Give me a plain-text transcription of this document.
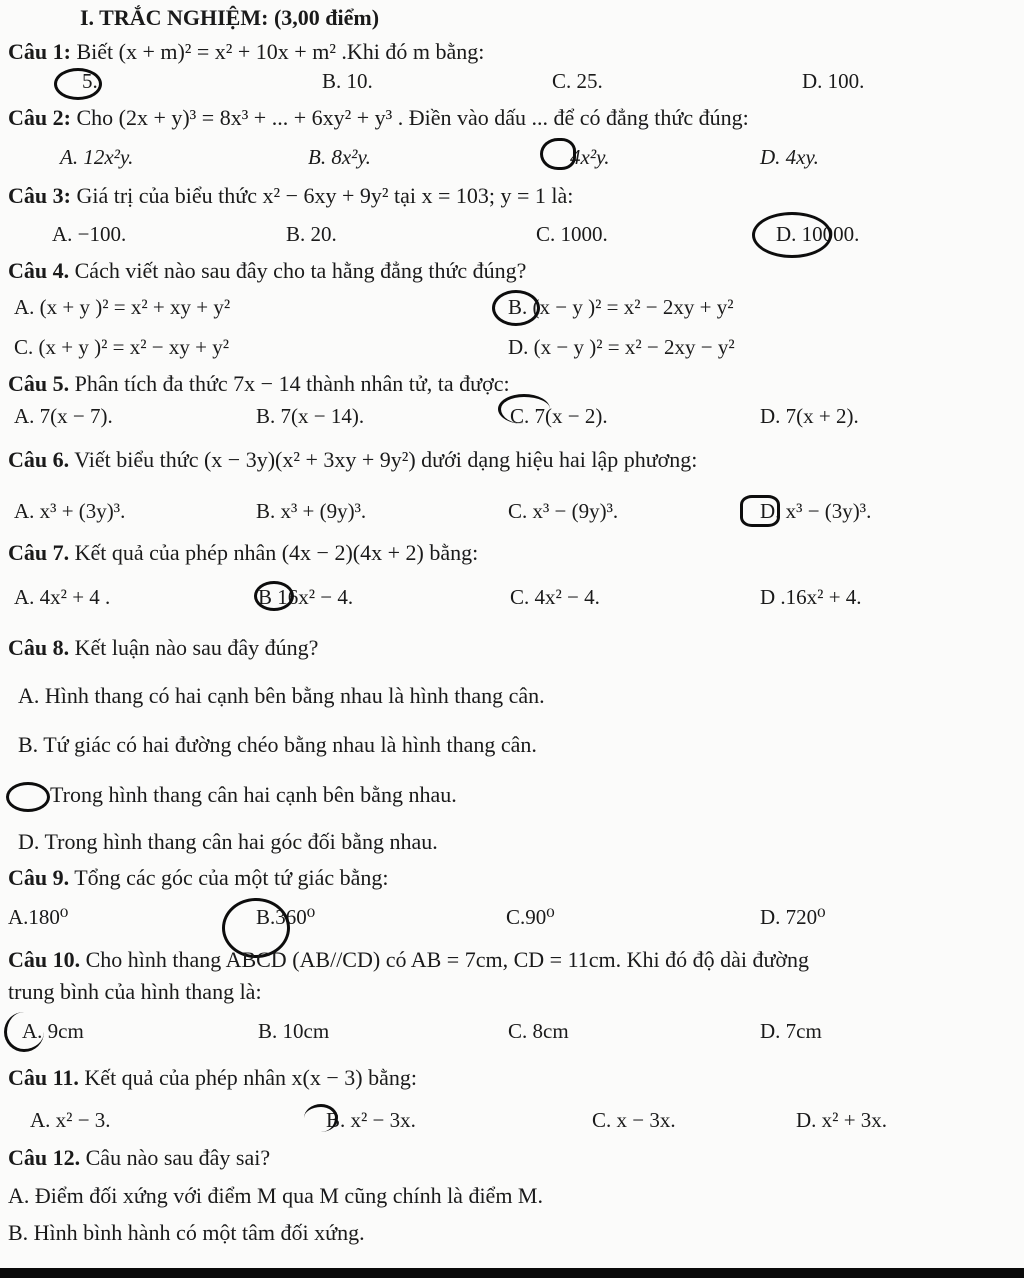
I. TRẮC NGHIỆM: (3,00 điểm)
Câu 1: Biết (x + m)² = x² + 10x + m² .Khi đó m bằng:
5.	B. 10.	C. 25.	D. 100.
Câu 2: Cho (2x + y)³ = 8x³ + ... + 6xy² + y³ . Điền vào dấu ... để có đẳng thức đúng:
A. 12x²y.	B. 8x²y.	4x²y.	D. 4xy.
Câu 3: Giá trị của biểu thức x² − 6xy + 9y² tại x = 103; y = 1 là:
A. −100.	B. 20.	C. 1000.	D. 10000.
Câu 4. Cách viết nào sau đây cho ta hằng đẳng thức đúng?
A. (x + y )² = x² + xy + y²	B. (x − y )² = x² − 2xy + y²
C. (x + y )² = x² − xy + y²	D. (x − y )² = x² − 2xy − y²
Câu 5. Phân tích đa thức 7x − 14 thành nhân tử, ta được:
A. 7(x − 7).	B. 7(x − 14).	C. 7(x − 2).	D. 7(x + 2).
Câu 6. Viết biểu thức (x − 3y)(x² + 3xy + 9y²) dưới dạng hiệu hai lập phương:
A. x³ + (3y)³.	B. x³ + (9y)³.	C. x³ − (9y)³.	D. x³ − (3y)³.
Câu 7. Kết quả của phép nhân (4x − 2)(4x + 2) bằng:
A. 4x² + 4 .	B 16x² − 4.	C. 4x² − 4.	D .16x² + 4.
Câu 8. Kết luận nào sau đây đúng?
A. Hình thang có hai cạnh bên bằng nhau là hình thang cân.
B. Tứ giác có hai đường chéo bằng nhau là hình thang cân.
Trong hình thang cân hai cạnh bên bằng nhau.
D. Trong hình thang cân hai góc đối bằng nhau.
Câu 9. Tổng các góc của một tứ giác bằng:
A.180⁰	B.360⁰	C.90⁰	D. 720⁰
Câu 10. Cho hình thang ABCD (AB//CD) có AB = 7cm, CD = 11cm. Khi đó độ dài đường
trung bình của hình thang là:
A. 9cm	B. 10cm	C. 8cm	D. 7cm
Câu 11. Kết quả của phép nhân x(x − 3) bằng:
A. x² − 3.	B. x² − 3x.	C. x − 3x.	D. x² + 3x.
Câu 12. Câu nào sau đây sai?
A. Điểm đối xứng với điểm M qua M cũng chính là điểm M.
B. Hình bình hành có một tâm đối xứng.
